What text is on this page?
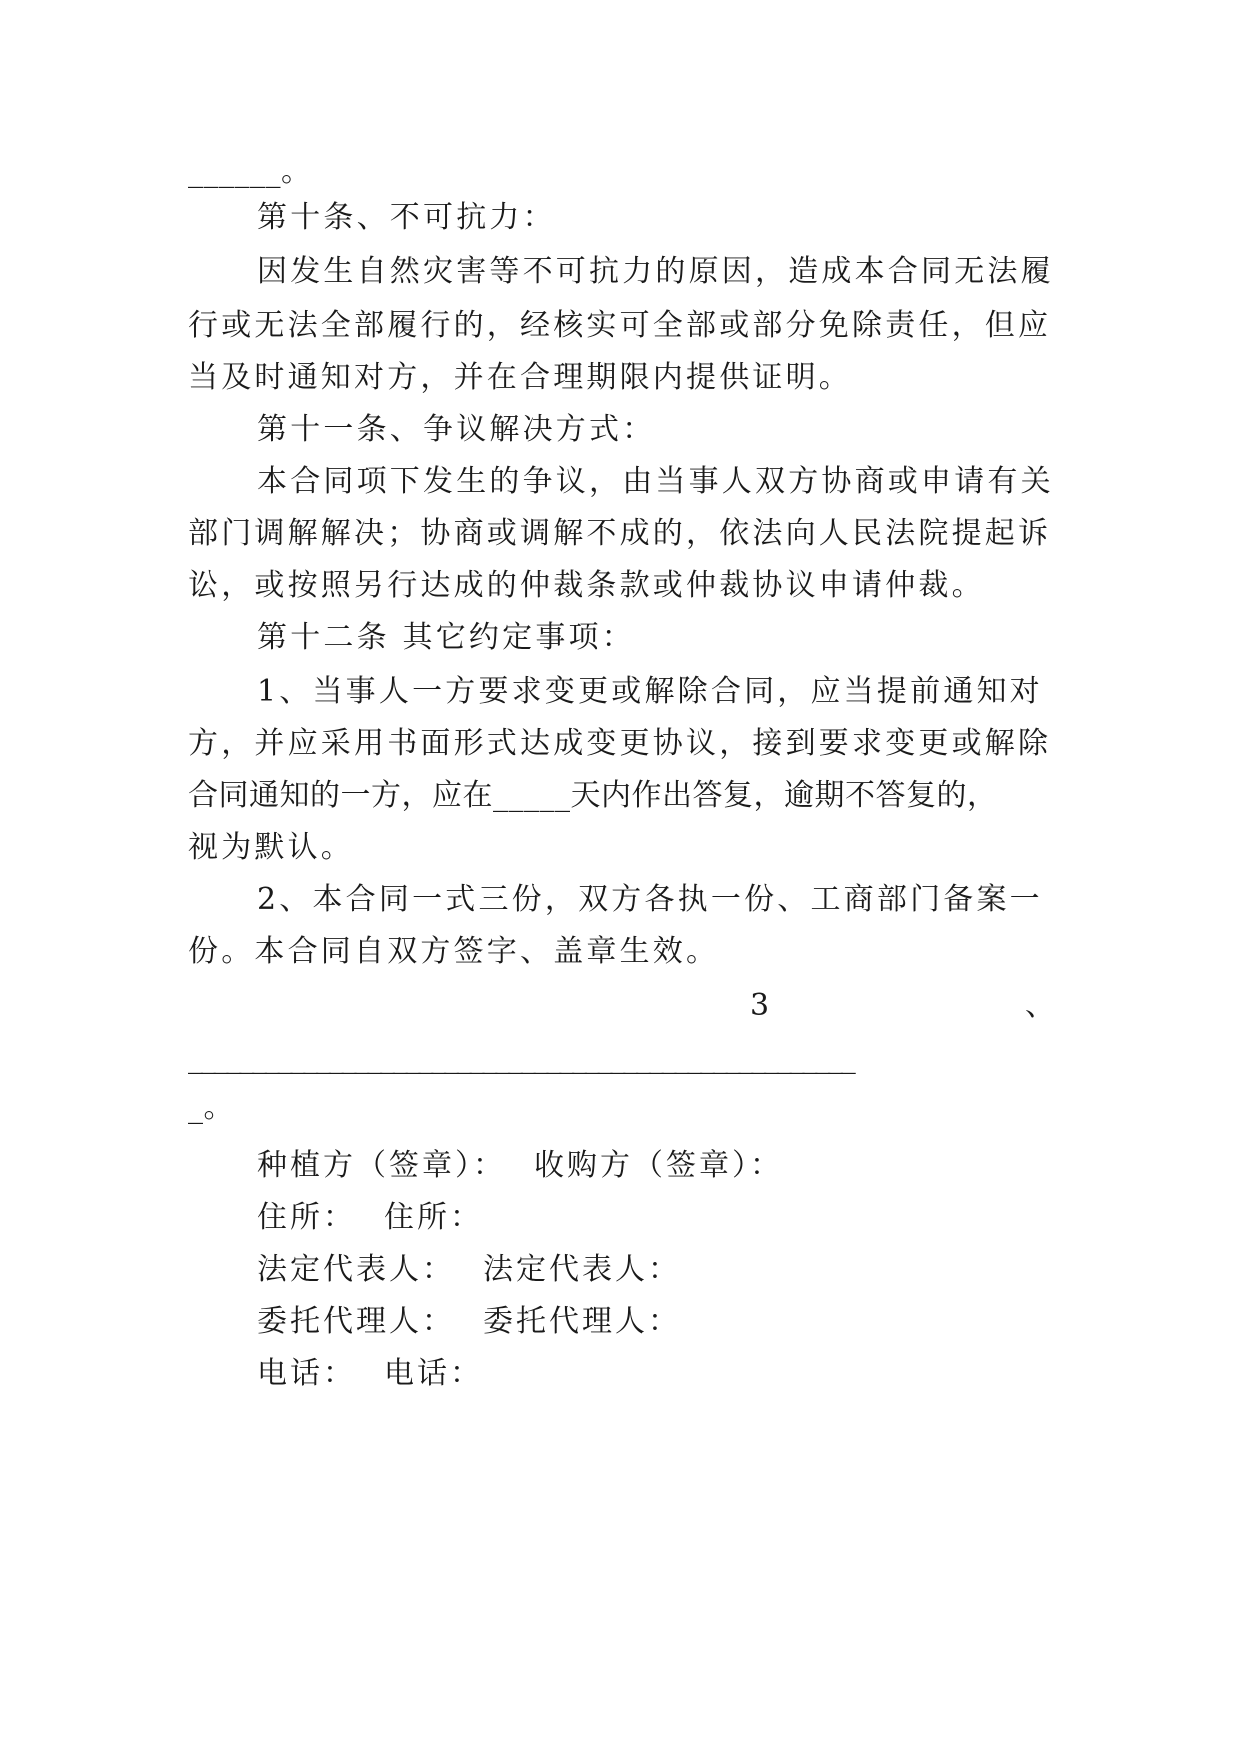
______。
第十条、不可抗力：
因发生自然灾害等不可抗力的原因，造成本合同无法履
行或无法全部履行的，经核实可全部或部分免除责任，但应
当及时通知对方，并在合理期限内提供证明。
第十一条、争议解决方式：
本合同项下发生的争议，由当事人双方协商或申请有关
部门调解解决；协商或调解不成的，依法向人民法院提起诉
讼，或按照另行达成的仲裁条款或仲裁协议申请仲裁。
第十二条 其它约定事项：
1、当事人一方要求变更或解除合同，应当提前通知对
方，并应采用书面形式达成变更协议，接到要求变更或解除
合同通知的一方，应在_____天内作出答复，逾期不答复的，
视为默认。
2、本合同一式三份，双方各执一份、工商部门备案一
份。本合同自双方签字、盖章生效。
3	、
____________________________________________________
_。
种植方（签章）： 收购方（签章）：
住所： 住所：
法定代表人： 法定代表人：
委托代理人： 委托代理人：
电话： 电话：
